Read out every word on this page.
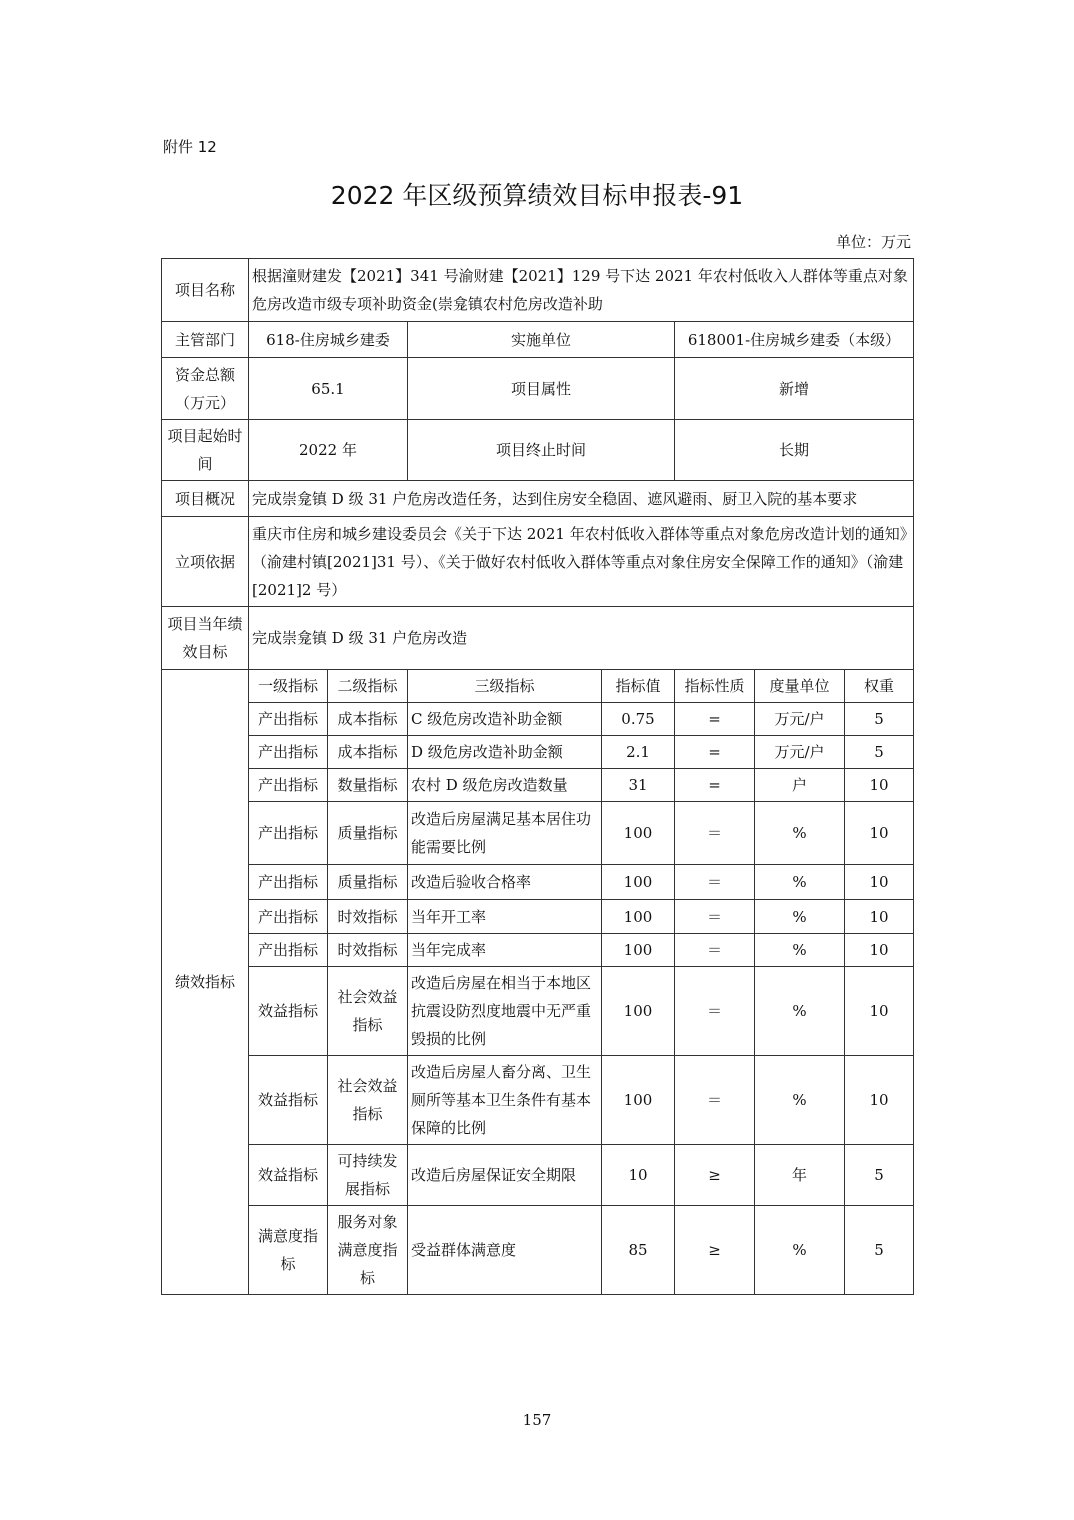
附件 12
2022 年区级预算绩效目标申报表-91
单位：万元
项目名称	根据潼财建发【2021】341 号渝财建【2021】129 号下达 2021 年农村低收入人群体等重点对象危房改造市级专项补助资金(崇龛镇农村危房改造补助						
主管部门	618-住房城乡建委		实施单位		618001-住房城乡建委（本级）		
资金总额（万元）	65.1		项目属性		新增		
项目起始时间	2022 年		项目终止时间		长期		
项目概况	完成崇龛镇 D 级 31 户危房改造任务，达到住房安全稳固、遮风避雨、厨卫入院的基本要求						
立项依据	重庆市住房和城乡建设委员会《关于下达 2021 年农村低收入群体等重点对象危房改造计划的通知》（渝建村镇[2021]31 号）、《关于做好农村低收入群体等重点对象住房安全保障工作的通知》（渝建[2021]2 号）						
项目当年绩效目标	完成崇龛镇 D 级 31 户危房改造						
绩效指标	一级指标	二级指标	三级指标	指标值	指标性质	度量单位	权重
	产出指标	成本指标	C 级危房改造补助金额	0.75	=	万元/户	5
	产出指标	成本指标	D 级危房改造补助金额	2.1	=	万元/户	5
	产出指标	数量指标	农村 D 级危房改造数量	31	=	户	10
	产出指标	质量指标	改造后房屋满足基本居住功能需要比例	100	＝	%	10
	产出指标	质量指标	改造后验收合格率	100	＝	%	10
	产出指标	时效指标	当年开工率	100	＝	%	10
	产出指标	时效指标	当年完成率	100	＝	%	10
	效益指标	社会效益指标	改造后房屋在相当于本地区抗震设防烈度地震中无严重毁损的比例	100	＝	%	10
	效益指标	社会效益指标	改造后房屋人畜分离、卫生厕所等基本卫生条件有基本保障的比例	100	＝	%	10
	效益指标	可持续发展指标	改造后房屋保证安全期限	10	≥	年	5
	满意度指标	服务对象满意度指标	受益群体满意度	85	≥	%	5
157
